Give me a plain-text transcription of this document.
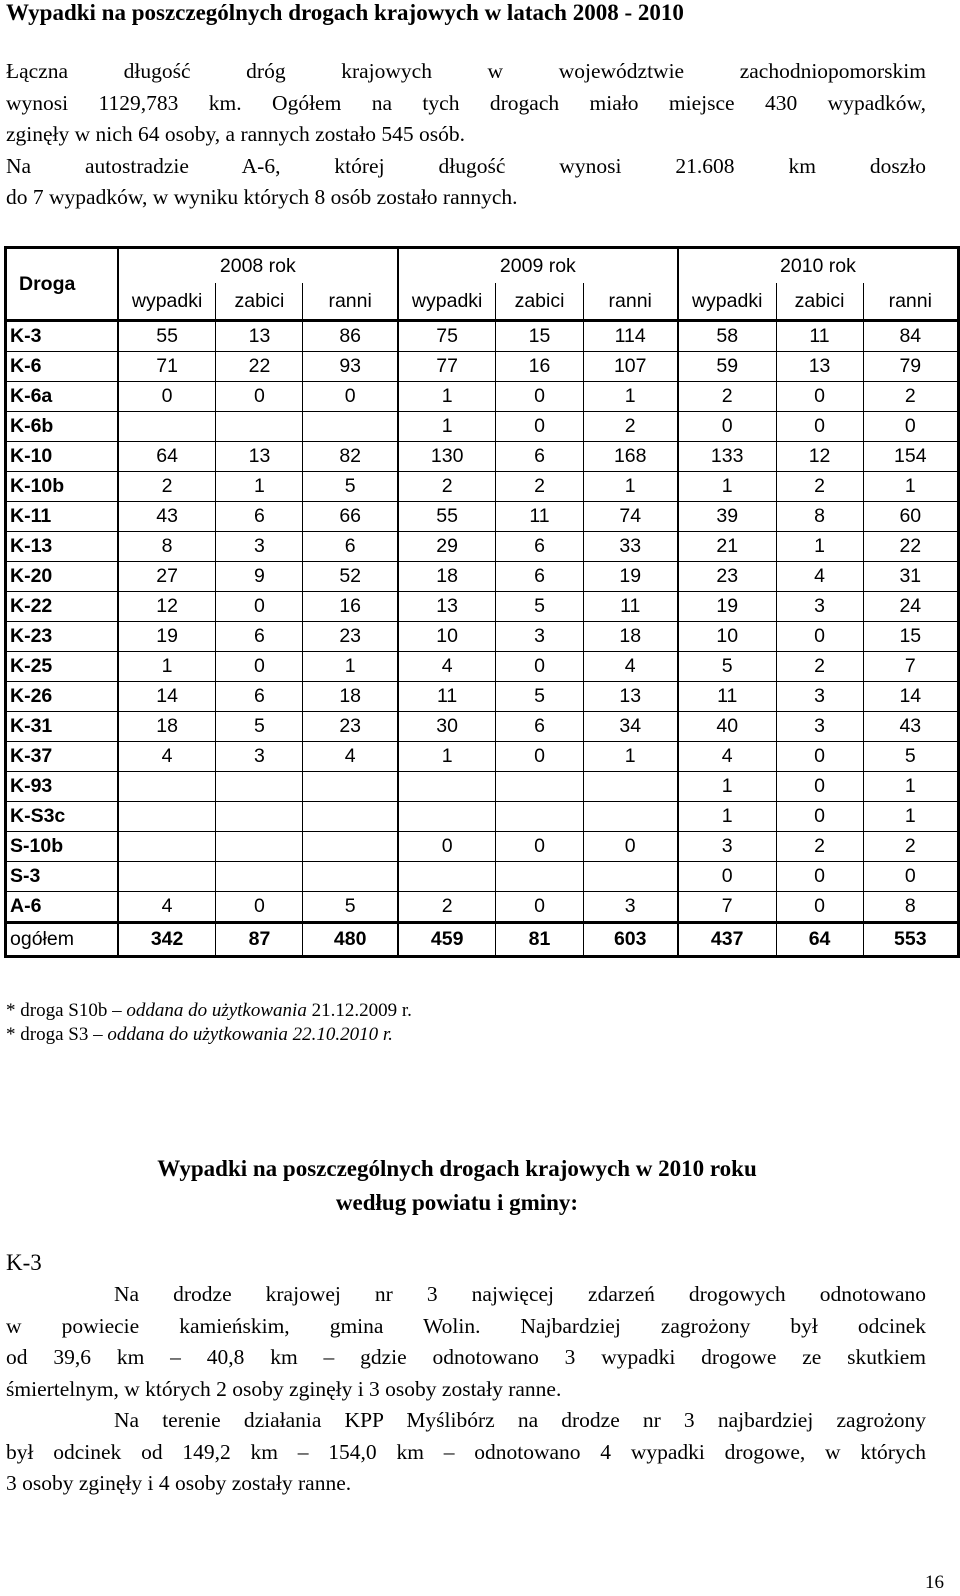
Wypadki na poszczególnych drogach krajowych w latach 2008 - 2010
Łączna długość dróg krajowych w województwie zachodniopomorskim
wynosi 1129,783 km. Ogółem na tych drogach miało miejsce 430 wypadków,
zginęły w nich 64 osoby, a rannych zostało 545 osób.
Na autostradzie A-6, której długość wynosi 21.608 km doszło
do 7 wypadków, w wyniku których 8 osób zostało rannych.
Droga	2008 rok			2009 rok			2010 rok		
	wypadki	zabici	ranni	wypadki	zabici	ranni	wypadki	zabici	ranni
K-3	55	13	86	75	15	114	58	11	84
K-6	71	22	93	77	16	107	59	13	79
K-6a	0	0	0	1	0	1	2	0	2
K-6b				1	0	2	0	0	0
K-10	64	13	82	130	6	168	133	12	154
K-10b	2	1	5	2	2	1	1	2	1
K-11	43	6	66	55	11	74	39	8	60
K-13	8	3	6	29	6	33	21	1	22
K-20	27	9	52	18	6	19	23	4	31
K-22	12	0	16	13	5	11	19	3	24
K-23	19	6	23	10	3	18	10	0	15
K-25	1	0	1	4	0	4	5	2	7
K-26	14	6	18	11	5	13	11	3	14
K-31	18	5	23	30	6	34	40	3	43
K-37	4	3	4	1	0	1	4	0	5
K-93							1	0	1
K-S3c							1	0	1
S-10b				0	0	0	3	2	2
S-3							0	0	0
A-6	4	0	5	2	0	3	7	0	8
ogółem	342	87	480	459	81	603	437	64	553
* droga S10b – oddana do użytkowania 21.12.2009 r.
* droga S3 – oddana do użytkowania 22.10.2010 r.
Wypadki na poszczególnych drogach krajowych w 2010 roku
według powiatu i gminy:
K-3
Na drodze krajowej nr 3 najwięcej zdarzeń drogowych odnotowano
w powiecie kamieńskim, gmina Wolin. Najbardziej zagrożony był odcinek
od 39,6 km – 40,8 km – gdzie odnotowano 3 wypadki drogowe ze skutkiem
śmiertelnym, w których 2 osoby zginęły i 3 osoby zostały ranne.
Na terenie działania KPP Myślibórz na drodze nr 3 najbardziej zagrożony
był odcinek od 149,2 km – 154,0 km – odnotowano 4 wypadki drogowe, w których
3 osoby zginęły i 4 osoby zostały ranne.
16
